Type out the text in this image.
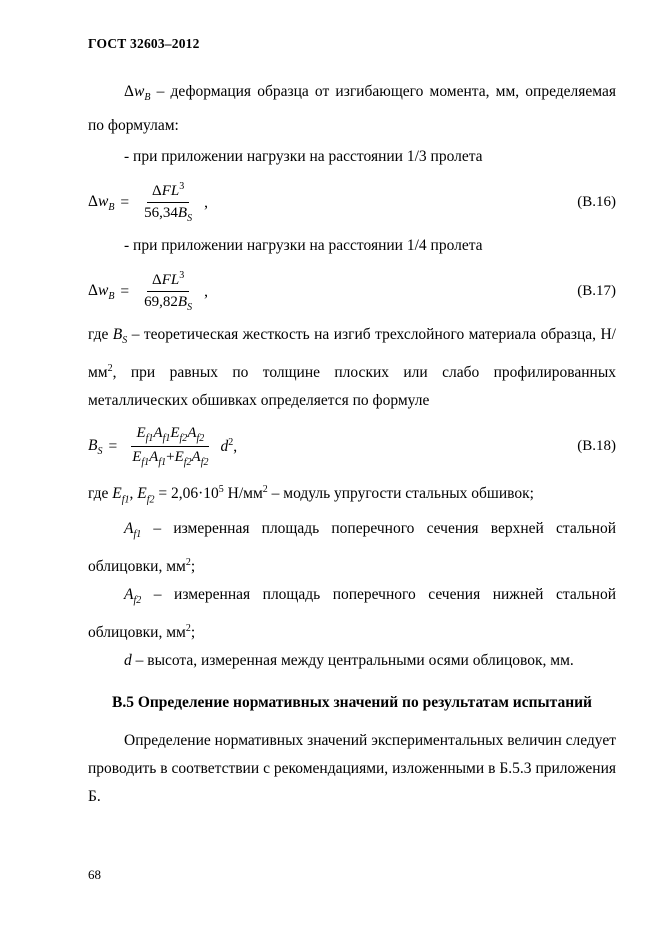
ГОСТ 32603–2012

$\Delta w_B$ – деформация образца от изгибающего момента, мм, определяемая по формулам:

- при приложении нагрузки на расстоянии 1/3 пролета

$\Delta w_B = \frac{\Delta FL^3}{56,34B_S}$ ,	(В.16)

- при приложении нагрузки на расстоянии 1/4 пролета

$\Delta w_B = \frac{\Delta FL^3}{69,82B_S}$ ,	(В.17)

где $B_S$ – теоретическая жесткость на изгиб трехслойного материала образца, $Н/мм^2$, при равных по толщине плоских или слабо профилированных металлических обшивках определяется по формуле

$B_S = \frac{E_{f1}A_{f1}E_{f2}A_{f2}}{E_{f1}A_{f1}+E_{f2}A_{f2}} d^2$,	(В.18)

где $E_{f1}$, $E_{f2} = 2,06\cdot 10^5$ $Н/мм^2$ – модуль упругости стальных обшивок;

$A_{f1}$ – измеренная площадь поперечного сечения верхней стальной облицовки, $мм^2$;

$A_{f2}$ – измеренная площадь поперечного сечения нижней стальной облицовки, $мм^2$;

d – высота, измеренная между центральными осями облицовок, мм.

В.5 Определение нормативных значений по результатам испытаний

Определение нормативных значений экспериментальных величин следует проводить в соответствии с рекомендациями, изложенными в Б.5.3 приложения Б.

68
